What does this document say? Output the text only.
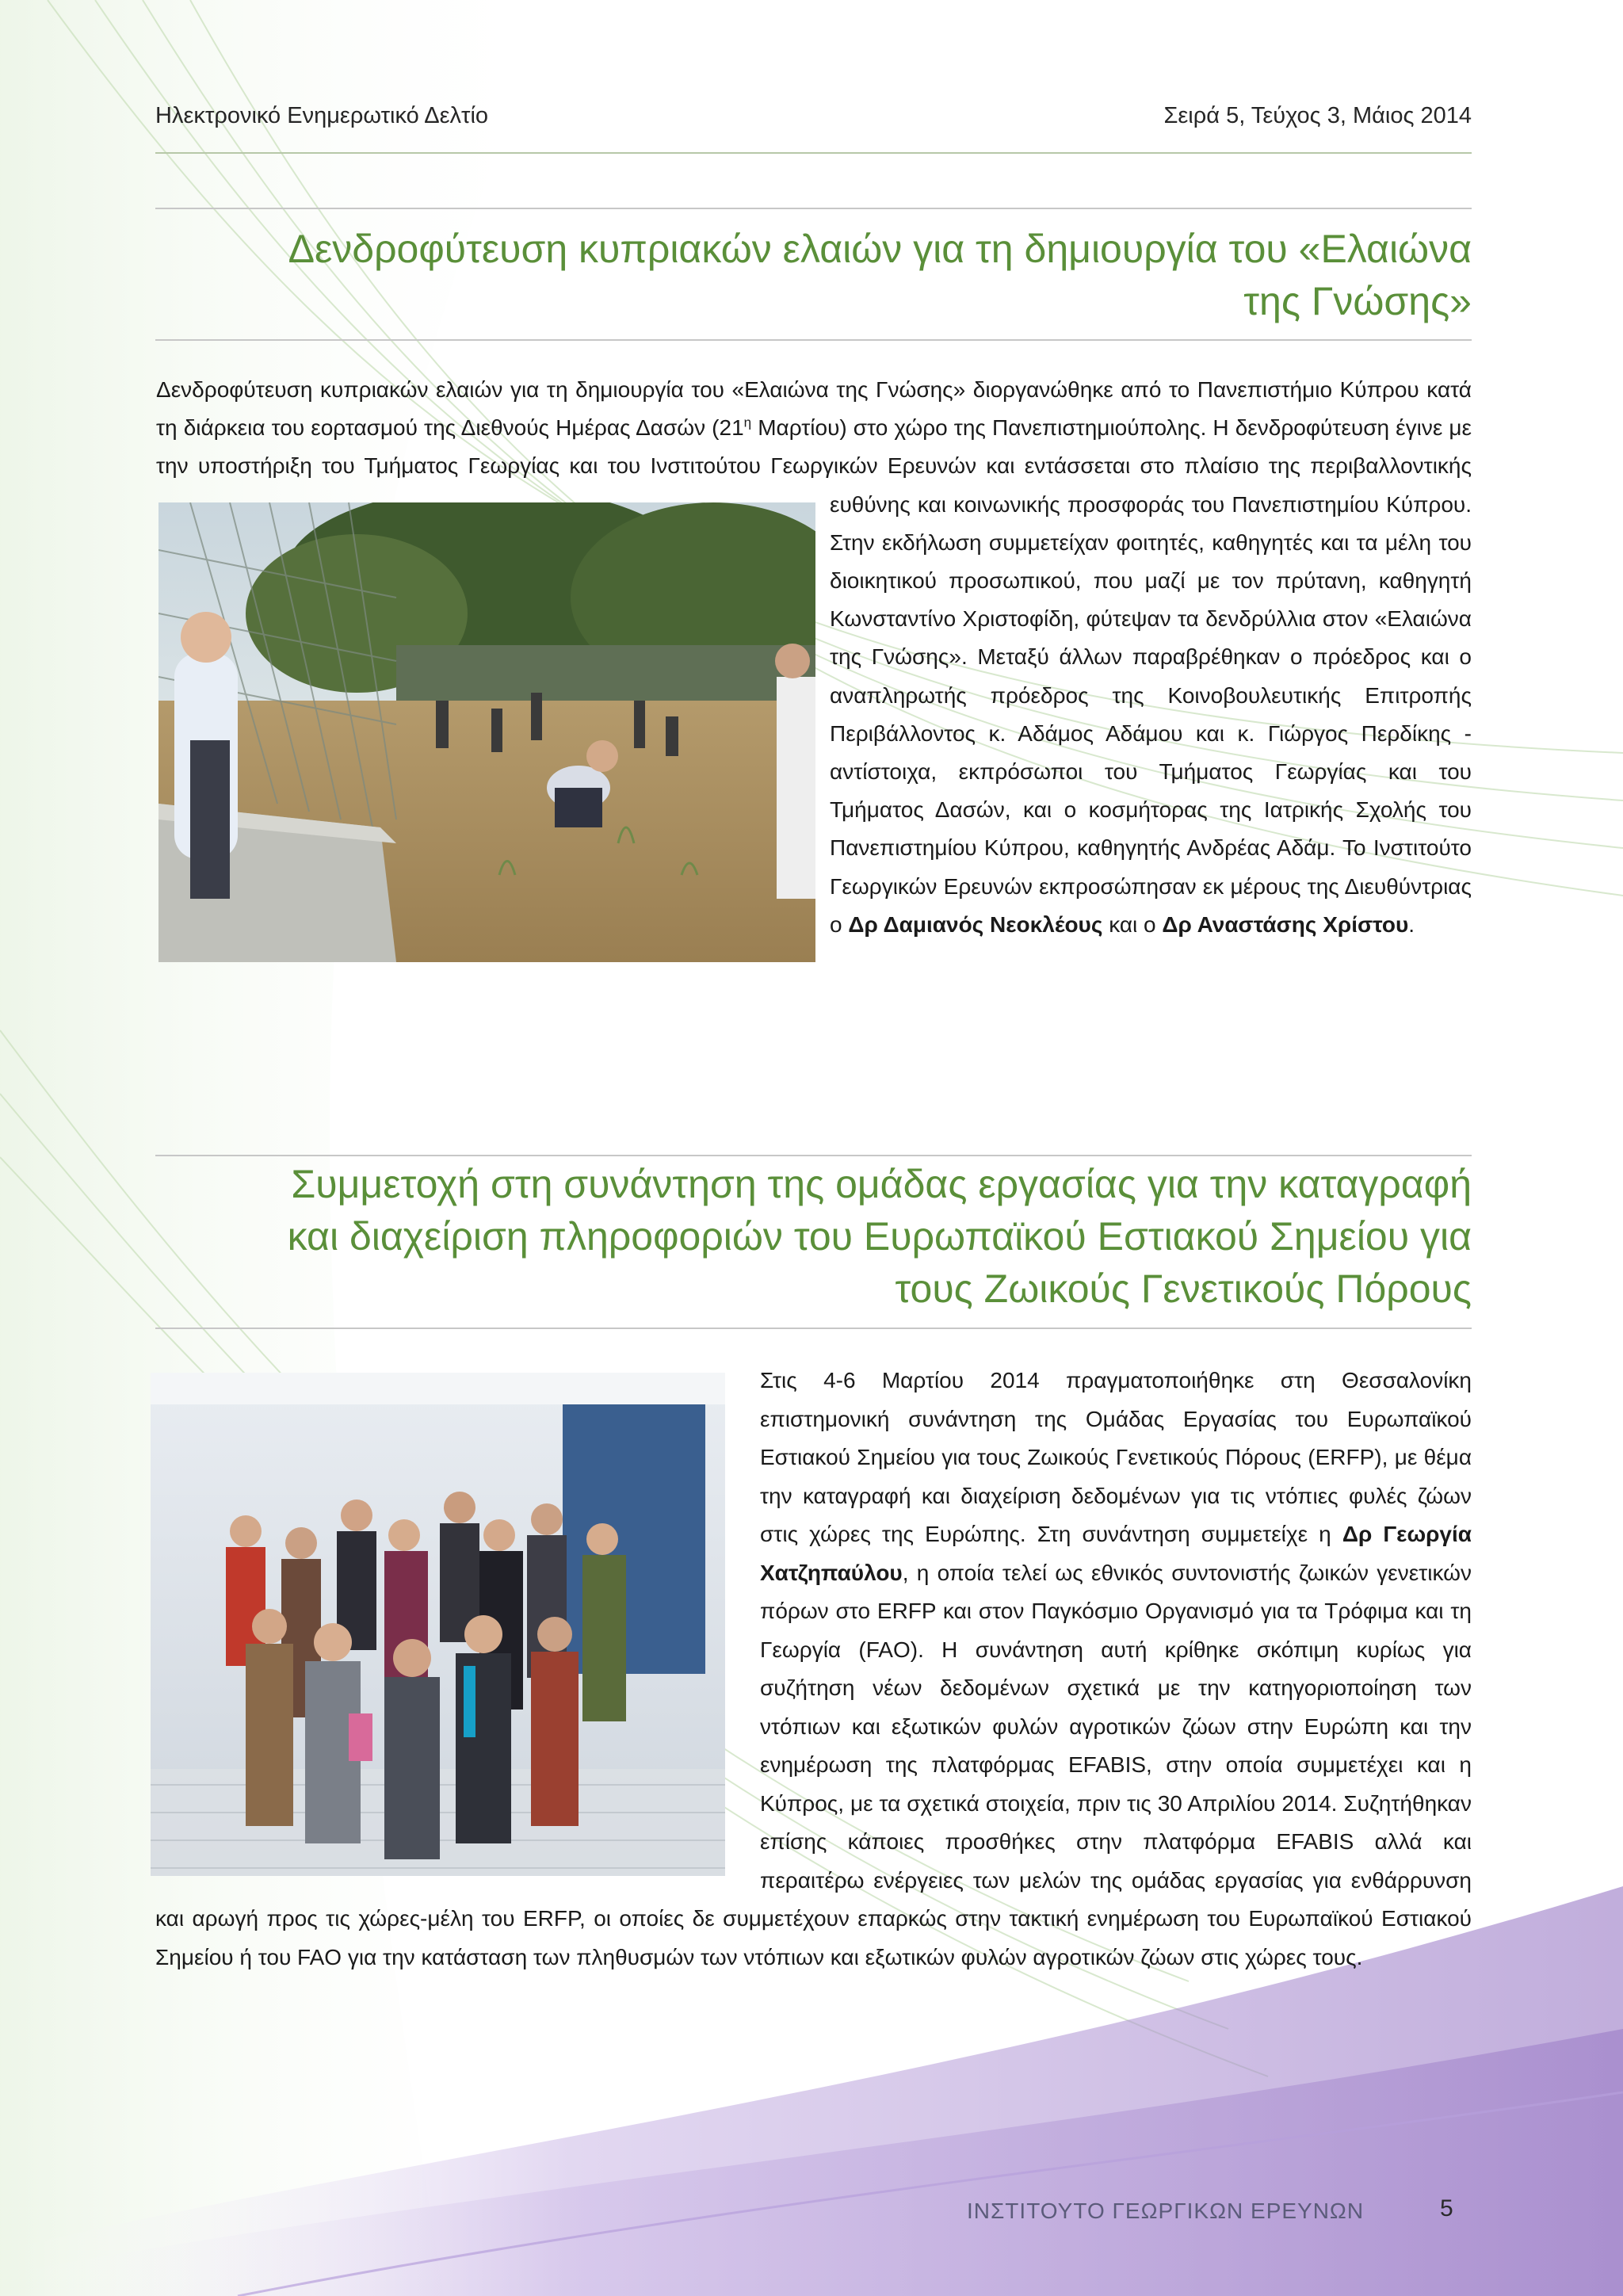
Ηλεκτρονικό Ενημερωτικό Δελτίο	Σειρά 5, Τεύχος 3, Μάιος 2014
Δενδροφύτευση κυπριακών ελαιών για τη δημιουργία του «Ελαιώνα
της Γνώσης»

Δενδροφύτευση κυπριακών ελαιών για τη δημιουργία του «Ελαιώνα της Γνώσης» διοργανώθηκε από το Πανεπιστήμιο Κύπρου κατά τη διάρκεια του εορτασμού της Διεθνούς Ημέρας Δασών ($21^\eta$ Μαρτίου) στο χώρο της Πανεπιστημιούπολης. Η δενδροφύτευση έγινε με την υποστήριξη του Τμήματος Γεωργίας και του Ινστιτούτου Γεωργικών Ερευνών και εντάσσεται στο πλαίσιο της περιβαλλοντικής ευθύνης και κοινωνικής προσφοράς του Πανεπιστημίου Κύπρου. Στην εκδήλωση συμμετείχαν φοιτητές, καθηγητές και τα μέλη του διοικητικού προσωπικού, που μαζί με τον πρύτανη, καθηγητή Κωνσταντίνο Χριστοφίδη, φύτεψαν τα δενδρύλλια στον «Ελαιώνα της Γνώσης». Μεταξύ άλλων παραβρέθηκαν ο πρόεδρος και ο αναπληρωτής πρόεδρος της Κοινοβουλευτικής Επιτροπής Περιβάλλοντος κ. Αδάμος Αδάμου και κ. Γιώργος Περδίκης - αντίστοιχα, εκπρόσωποι του Τμήματος Γεωργίας και του Τμήματος Δασών, και ο κοσμήτορας της Ιατρικής Σχολής του Πανεπιστημίου Κύπρου, καθηγητής Ανδρέας Αδάμ. Το Ινστιτούτο Γεωργικών Ερευνών εκπροσώπησαν εκ μέρους της Διευθύντριας ο Δρ Δαμιανός Νεοκλέους και ο Δρ Αναστάσης Χρίστου.

Συμμετοχή στη συνάντηση της ομάδας εργασίας για την καταγραφή
και διαχείριση πληροφοριών του Ευρωπαϊκού Εστιακού Σημείου για
τους Ζωικούς Γενετικούς Πόρους

Στις 4-6 Μαρτίου 2014 πραγματοποιήθηκε στη Θεσσαλονίκη επιστημονική συνάντηση της Ομάδας Εργασίας του Ευρωπαϊκού Εστιακού Σημείου για τους Ζωικούς Γενετικούς Πόρους (ERFP), με θέμα την καταγραφή και διαχείριση δεδομένων για τις ντόπιες φυλές ζώων στις χώρες της Ευρώπης. Στη συνάντηση συμμετείχε η Δρ Γεωργία Χατζηπαύλου, η οποία τελεί ως εθνικός συντονιστής ζωικών γενετικών πόρων στο ERFP και στον Παγκόσμιο Οργανισμό για τα Τρόφιμα και τη Γεωργία (FAO). Η συνάντηση αυτή κρίθηκε σκόπιμη κυρίως για συζήτηση νέων δεδομένων σχετικά με την κατηγοριοποίηση των ντόπιων και εξωτικών φυλών αγροτικών ζώων στην Ευρώπη και την ενημέρωση της πλατφόρμας EFABIS, στην οποία συμμετέχει και η Κύπρος, με τα σχετικά στοιχεία, πριν τις 30 Απριλίου 2014. Συζητήθηκαν επίσης κάποιες προσθήκες στην πλατφόρμα EFABIS αλλά και περαιτέρω ενέργειες των μελών της ομάδας εργασίας για ενθάρρυνση και αρωγή προς τις χώρες-μέλη του ERFP, οι οποίες δε συμμετέχουν επαρκώς στην τακτική ενημέρωση του Ευρωπαϊκού Εστιακού Σημείου ή του FAO για την κατάσταση των πληθυσμών των ντόπιων και εξωτικών φυλών αγροτικών ζώων στις χώρες τους.

ΙΝΣΤΙΤΟΥΤΟ ΓΕΩΡΓΙΚΩΝ ΕΡΕΥΝΩΝ	5
